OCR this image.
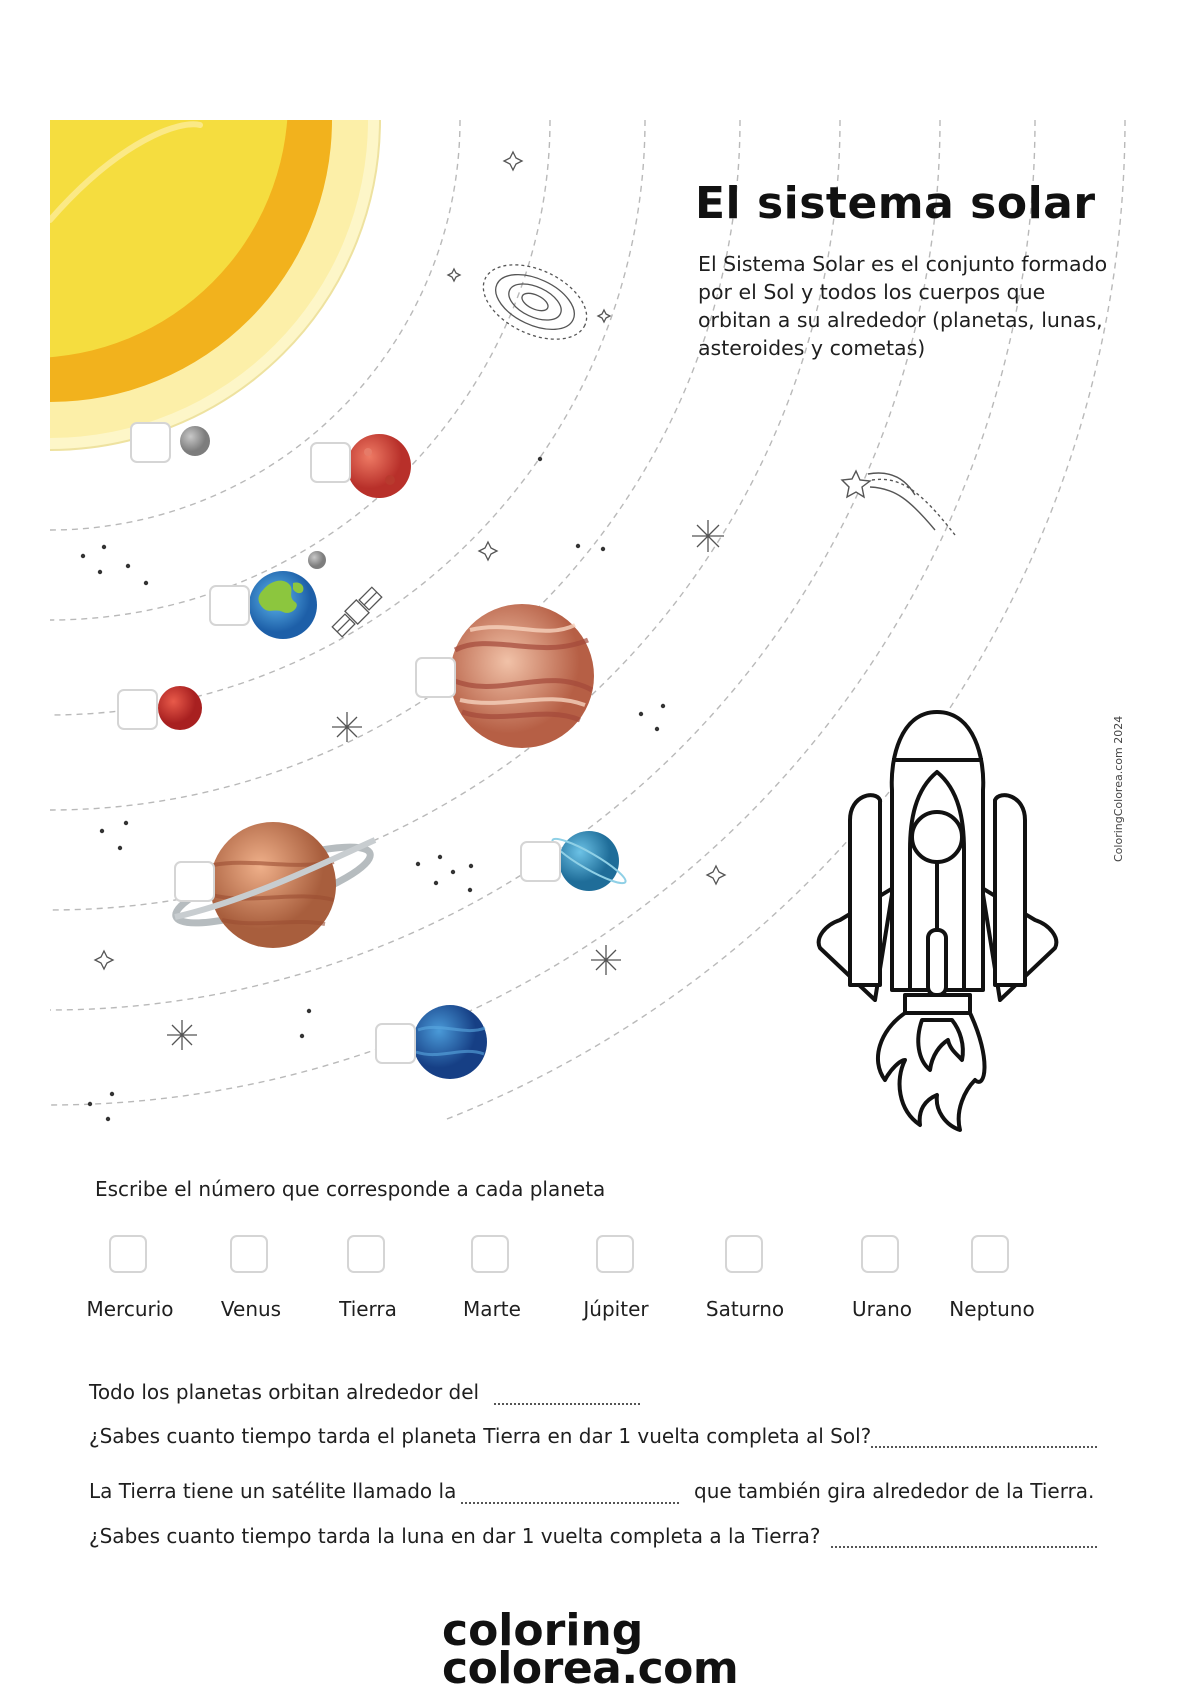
El sistema solar
El Sistema Solar es el conjunto formado por el Sol y todos los cuerpos que orbitan a su alrededor (planetas, lunas, asteroides y cometas)
ColoringColorea.com 2024
Escribe el número que corresponde a cada planeta
Mercurio Venus	Tierra	Marte	Júpiter	Saturno	Urano Neptuno
Todo los planetas orbitan alrededor del
¿Sabes cuanto tiempo tarda el planeta Tierra en dar 1 vuelta completa al Sol?
La Tierra tiene un satélite llamado la	que también gira alrededor de la Tierra.
¿Sabes cuanto tiempo tarda la luna en dar 1 vuelta completa a la Tierra?
coloring
colorea.com
